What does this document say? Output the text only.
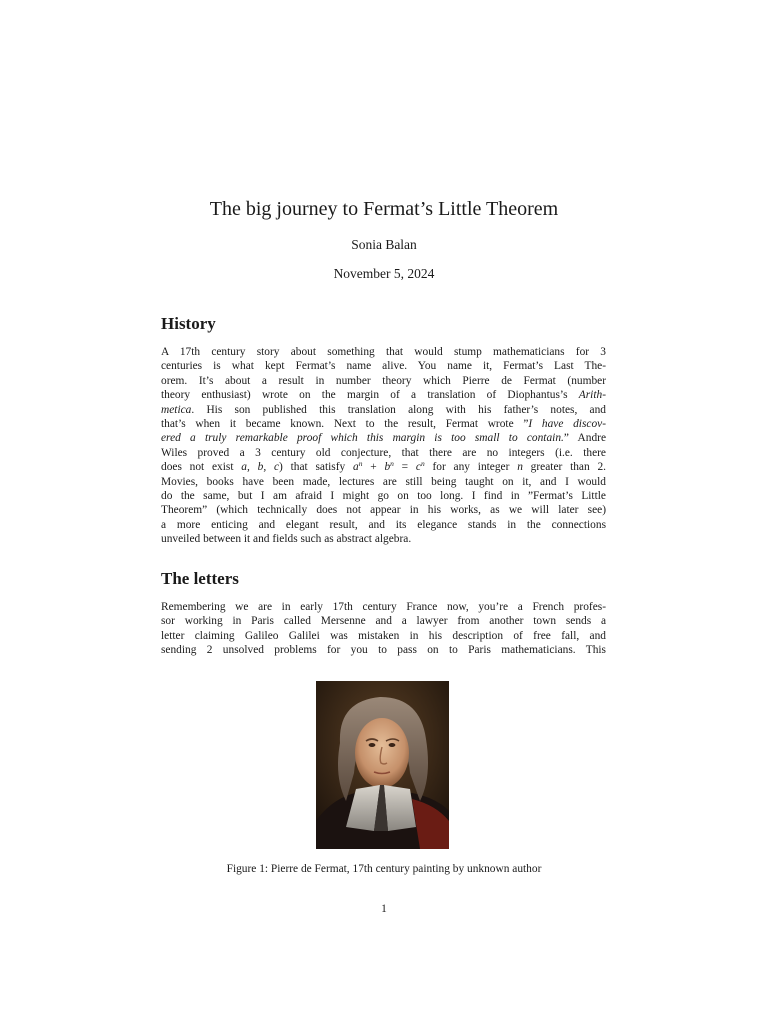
The big journey to Fermat’s Little Theorem
Sonia Balan
November 5, 2024
History
A 17th century story about something that would stump mathematicians for 3
centuries is what kept Fermat’s name alive. You name it, Fermat’s Last The-
orem. It’s about a result in number theory which Pierre de Fermat (number
theory enthusiast) wrote on the margin of a translation of Diophantus’s Arith-
metica. His son published this translation along with his father’s notes, and
that’s when it became known. Next to the result, Fermat wrote ”I have discov-
ered a truly remarkable proof which this margin is too small to contain.” Andre
Wiles proved a 3 century old conjecture, that there are no integers (i.e. there
does not exist a, b, c) that satisfy $a^n + b^n = c^n$ for any integer n greater than 2.
Movies, books have been made, lectures are still being taught on it, and I would
do the same, but I am afraid I might go on too long. I find in ”Fermat’s Little
Theorem” (which technically does not appear in his works, as we will later see)
a more enticing and elegant result, and its elegance stands in the connections
unveiled between it and fields such as abstract algebra.
The letters
Remembering we are in early 17th century France now, you’re a French profes-
sor working in Paris called Mersenne and a lawyer from another town sends a
letter claiming Galileo Galilei was mistaken in his description of free fall, and
sending 2 unsolved problems for you to pass on to Paris mathematicians. This
Figure 1: Pierre de Fermat, 17th century painting by unknown author
1
